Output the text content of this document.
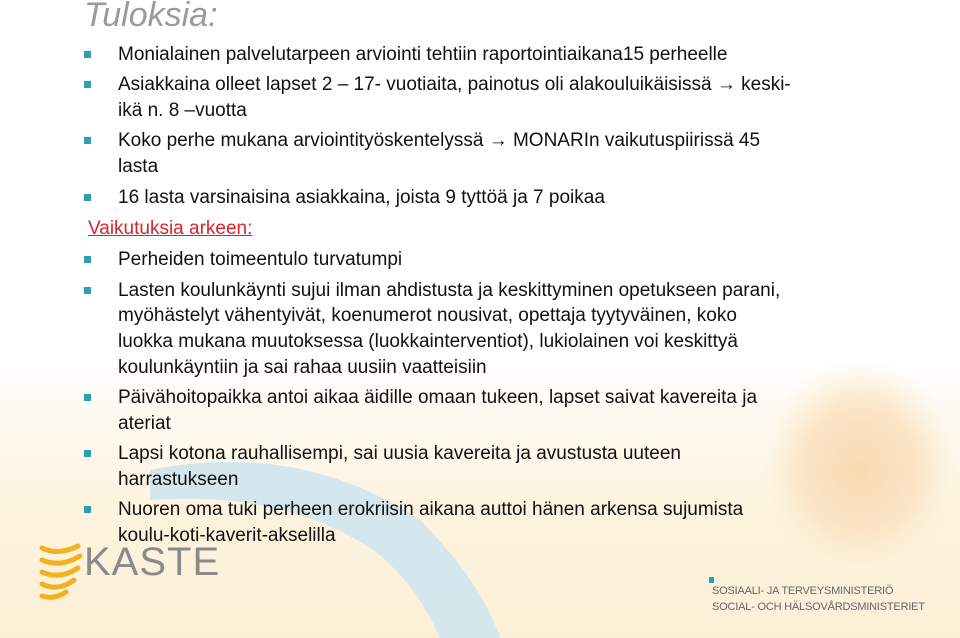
Tuloksia:
Monialainen palvelutarpeen arviointi tehtiin raportointiaikana15 perheelle
Asiakkaina olleet lapset 2 – 17- vuotiaita, painotus oli alakouluikäisissä → keski-
ikä n. 8 –vuotta
Koko perhe mukana arviointityöskentelyssä → MONARIn vaikutuspiirissä 45
lasta
16 lasta varsinaisina asiakkaina, joista 9 tyttöä ja 7 poikaa
Vaikutuksia arkeen:
Perheiden toimeentulo turvatumpi
Lasten koulunkäynti sujui ilman ahdistusta ja keskittyminen opetukseen parani,
myöhästelyt vähentyivät, koenumerot nousivat, opettaja tyytyväinen, koko
luokka mukana muutoksessa (luokkainterventiot), lukiolainen voi keskittyä
koulunkäyntiin ja sai rahaa uusiin vaatteisiin
Päivähoitopaikka antoi aikaa äidille omaan tukeen, lapset saivat kavereita ja
ateriat
Lapsi kotona rauhallisempi, sai uusia kavereita ja avustusta uuteen
harrastukseen
Nuoren oma tuki perheen erokriisin aikana auttoi hänen arkensa sujumista
koulu-koti-kaverit-akselilla
KASTE
SOSIAALI- JA TERVEYSMINISTERIÖ
SOCIAL- OCH HÄLSOVÅRDSMINISTERIET
